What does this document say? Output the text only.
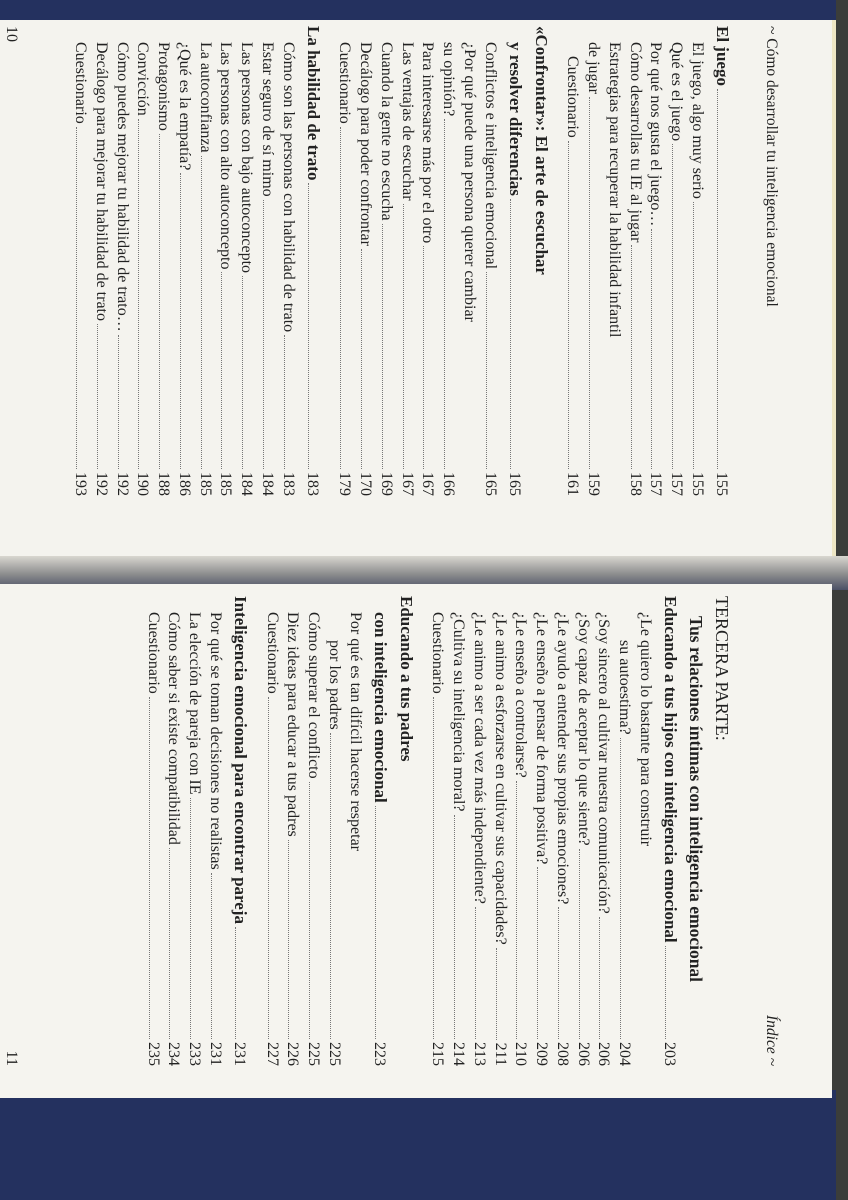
~ Cómo desarrollar tu inteligencia emocional
El juego
155
El juego, algo muy serio
155
Qué es el juego
157
Por qué nos gusta el juego…
157
Cómo desarrollas tu IE al jugar
158
Estrategias para recuperar la habilidad infantil
de jugar
159
Cuestionario
161
«Confrontar»: El arte de escuchar
y resolver diferencias
165
Conflictos e inteligencia emocional
165
¿Por qué puede una persona querer cambiar
su opinión?
166
Para interesarse más por el otro
167
Las ventajas de escuchar
167
Cuando la gente no escucha
169
Decálogo para poder confrontar
170
Cuestionario
179
La habilidad de trato
183
Cómo son las personas con habilidad de trato
183
Estar seguro de sí mimo
184
Las personas con bajo autoconcepto
184
Las personas con alto autoconcepto
185
La autoconfianza
185
¿Qué es la empatía?
186
Protagonismo
188
Convicción
190
Cómo puedes mejorar tu habilidad de trato…
192
Decálogo para mejorar tu habilidad de trato
192
Cuestionario
193
10
Índice ~
TERCERA PARTE:
Tus relaciones íntimas con inteligencia emocional
Educando a tus hijos con inteligencia emocional
203
¿Le quiero lo bastante para construir
su autoestima?
204
¿Soy sincero al cultivar nuestra comunicación?
206
¿Soy capaz de aceptar lo que siente?
206
¿Le ayudo a entender sus propias emociones?
208
¿Le enseño a pensar de forma positiva?
209
¿Le enseño a controlarse?
210
¿Le animo a esforzarse en cultivar sus capacidades?
211
¿Le animo a ser cada vez más independiente?
213
¿Cultiva su inteligencia moral?
214
Cuestionario
215
Educando a tus padres
con inteligencia emocional
223
Por qué es tan difícil hacerse respetar
por los padres
225
Cómo superar el conflicto
225
Diez ideas para educar a tus padres
226
Cuestionario
227
Inteligencia emocional para encontrar pareja
231
Por qué se toman decisiones no realistas
231
La elección de pareja con IE
233
Cómo saber si existe compatibilidad
234
Cuestionario
235
11
